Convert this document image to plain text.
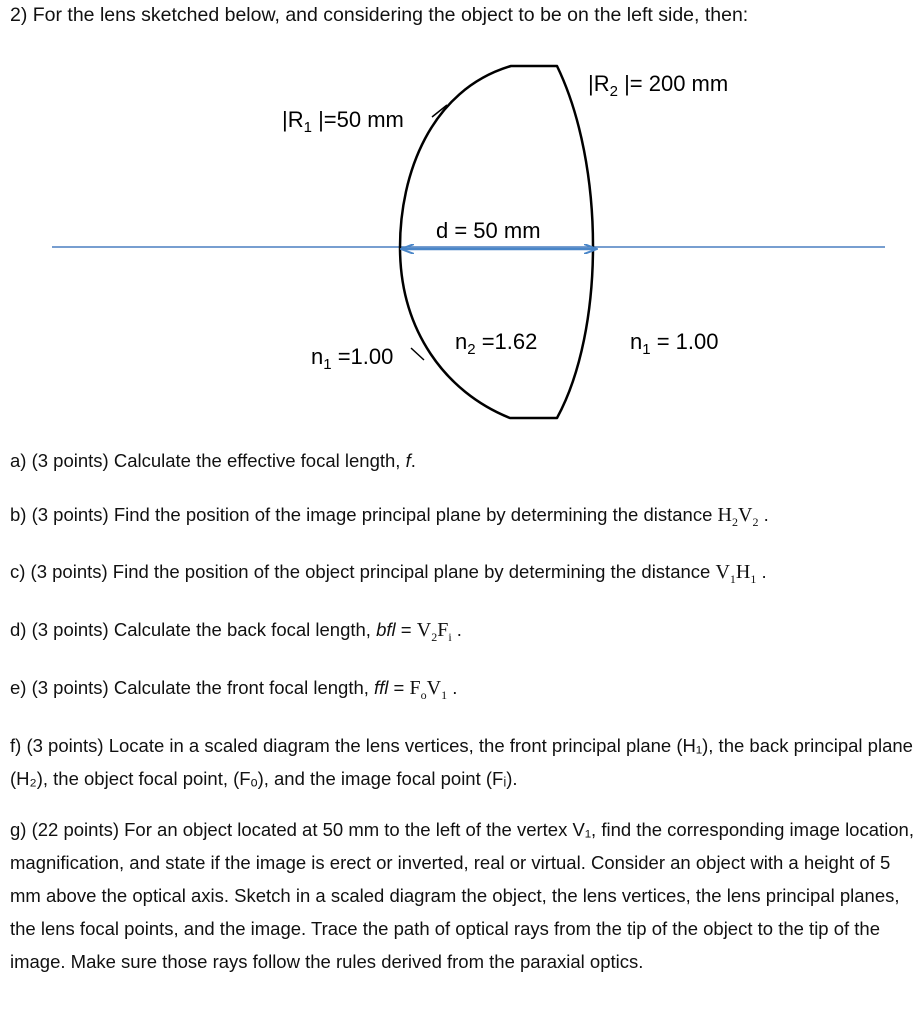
2) For the lens sketched below, and considering the object to be on the left side, then:
$|R_1$ |=50 mm
$|R_2$ |= 200 mm
d = 50 mm
$n_1 =1.00$
$n_2 =1.62$	$n_1 = 1.00$
a) (3 points) Calculate the effective focal length, f.
b) (3 points) Find the position of the image principal plane by determining the distance $H_2V_2$ .
c) (3 points) Find the position of the object principal plane by determining the distance $V_1H_1$ .
d) (3 points) Calculate the back focal length, bfl = $V_2F_i$ .
e) (3 points) Calculate the front focal length, ffl = $F_oV_1$ .
f) (3 points) Locate in a scaled diagram the lens vertices, the front principal plane (H₁), the back principal plane (H₂), the object focal point, (Fₒ), and the image focal point (Fᵢ).
g) (22 points) For an object located at 50 mm to the left of the vertex V₁, find the corresponding image location, magnification, and state if the image is erect or inverted, real or virtual. Consider an object with a height of 5 mm above the optical axis. Sketch in a scaled diagram the object, the lens vertices, the lens principal planes, the lens focal points, and the image. Trace the path of optical rays from the tip of the object to the tip of the image. Make sure those rays follow the rules derived from the paraxial optics.
